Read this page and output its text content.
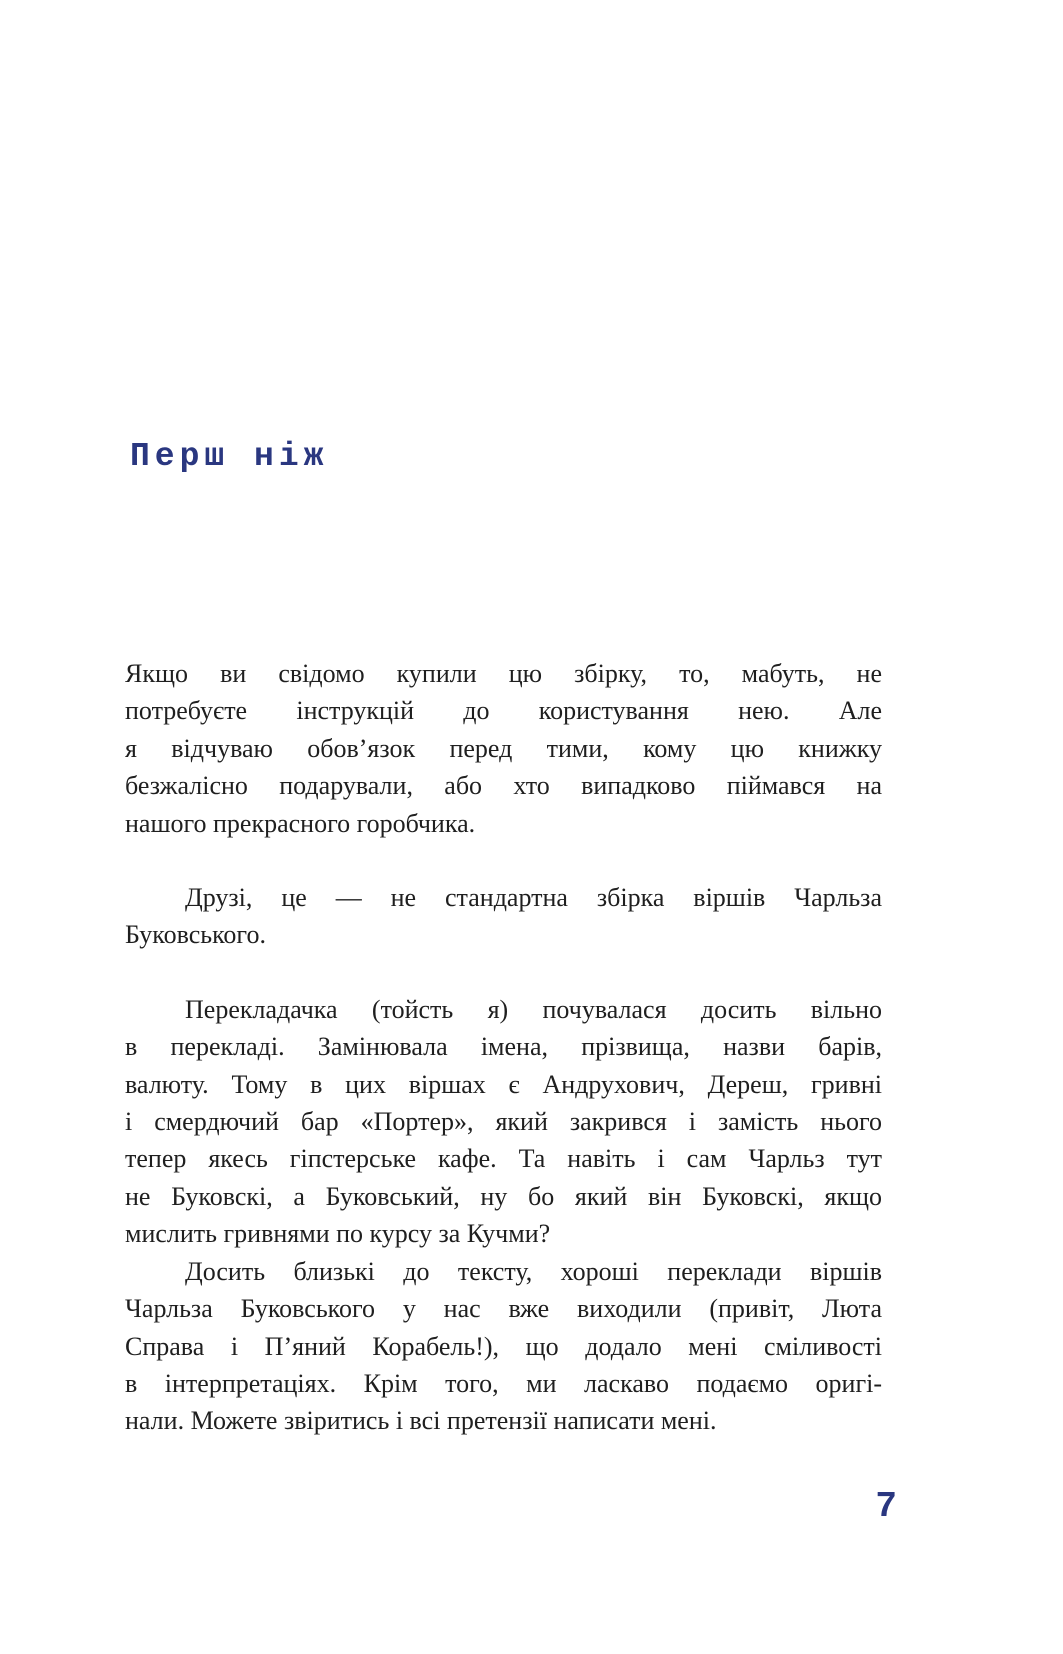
Перш ніж
Якщо ви свідомо купили цю збірку, то, мабуть, не
потребуєте інструкцій до користування нею. Але
я відчуваю обов’язок перед тими, кому цю книжку
безжалісно подарували, або хто випадково піймався на
нашого прекрасного горобчика.
Друзі, це — не стандартна збірка віршів Чарльза
Буковського.
Перекладачка (тойсть я) почувалася досить вільно
в перекладі. Замінювала імена, прізвища, назви барів,
валюту. Тому в цих віршах є Андрухович, Дереш, гривні
і смердючий бар «Портер», який закрився і замість нього
тепер якесь гіпстерське кафе. Та навіть і сам Чарльз тут
не Буковскі, а Буковський, ну бо який він Буковскі, якщо
мислить гривнями по курсу за Кучми?
Досить близькі до тексту, хороші переклади віршів
Чарльза Буковського у нас вже виходили (привіт, Люта
Справа і П’яний Корабель!), що додало мені сміливості
в інтерпретаціях. Крім того, ми ласкаво подаємо оригі-
нали. Можете звіритись і всі претензії написати мені.
7
